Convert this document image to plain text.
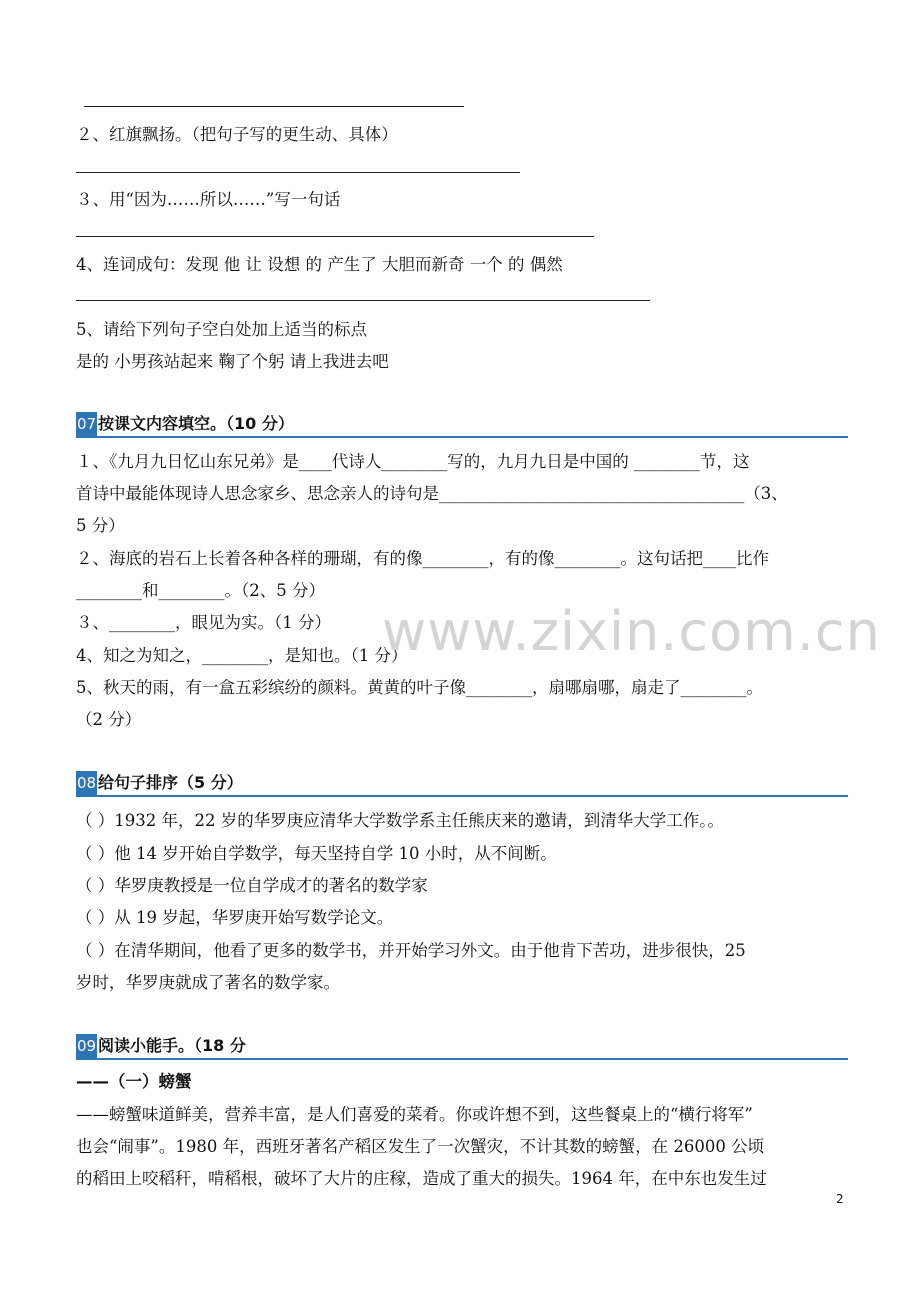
２、红旗飘扬。（把句子写的更生动、具体）
３、用“因为……所以……”写一句话
4、连词成句：发现 他 让 设想 的 产生了 大胆而新奇 一个 的 偶然
5、请给下列句子空白处加上适当的标点
是的 小男孩站起来 鞠了个躬 请上我进去吧
07 按课文内容填空。（10 分）
１、《九月九日忆山东兄弟》是____代诗人________写的，九月九日是中国的 ________节，这
首诗中最能体现诗人思念家乡、思念亲人的诗句是_____________________________________（3、
5 分）
２、海底的岩石上长着各种各样的珊瑚，有的像________，有的像________。这句话把____比作
________和________。（2、5 分）
３、________，眼见为实。（1 分）
4、知之为知之，________，是知也。（1 分）
5、秋天的雨，有一盒五彩缤纷的颜料。黄黄的叶子像________，扇哪扇哪，扇走了________。
（2 分）
08 给句子排序（5 分）
（ ）1932 年，22 岁的华罗庚应清华大学数学系主任熊庆来的邀请，到清华大学工作。。
（ ）他 14 岁开始自学数学，每天坚持自学 10 小时，从不间断。
（ ）华罗庚教授是一位自学成才的著名的数学家
（ ）从 19 岁起，华罗庚开始写数学论文。
（ ）在清华期间，他看了更多的数学书，并开始学习外文。由于他肯下苦功，进步很快，25
岁时，华罗庚就成了著名的数学家。
09 阅读小能手。（18 分
——（一）螃蟹
——螃蟹味道鲜美，营养丰富，是人们喜爱的菜肴。你或许想不到，这些餐桌上的“横行将军”
也会“闹事”。1980 年，西班牙著名产稻区发生了一次蟹灾，不计其数的螃蟹，在 26000 公顷
的稻田上咬稻秆，啃稻根，破坏了大片的庄稼，造成了重大的损失。1964 年，在中东也发生过
www.zixin.com.cn
2
